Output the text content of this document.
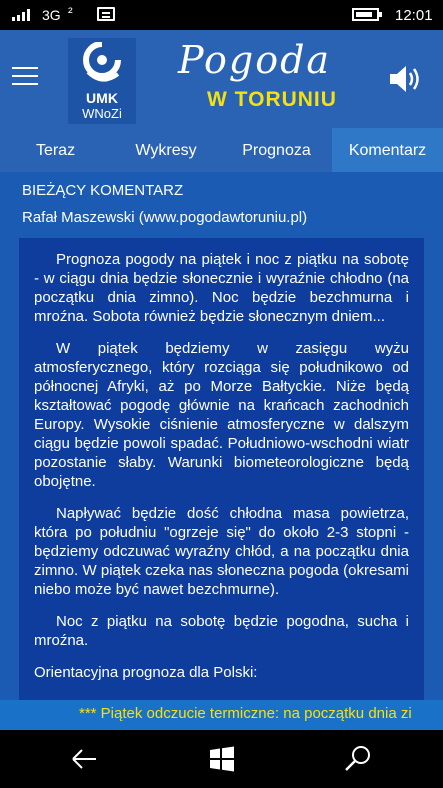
3G ²	12:01
UMK
WNoZi
Pogoda
W TORUNIU
Teraz	Wykresy	Prognoza	Komentarz
BIEŻĄCY KOMENTARZ
Rafał Maszewski (www.pogodawtoruniu.pl)

Prognoza pogody na piątek i noc z piątku na sobotę - w ciągu dnia będzie słonecznie i wyraźnie chłodno (na początku dnia zimno). Noc będzie bezchmurna i mroźna. Sobota również będzie słonecznym dniem...

W piątek będziemy w zasięgu wyżu atmosferycznego, który rozciąga się południkowo od północnej Afryki, aż po Morze Bałtyckie. Niże będą kształtować pogodę głównie na krańcach zachodnich Europy. Wysokie ciśnienie atmosferyczne w dalszym ciągu będzie powoli spadać. Południowo-wschodni wiatr pozostanie słaby. Warunki biometeorologiczne będą obojętne.

Napływać będzie dość chłodna masa powietrza, która po południu "ogrzeje się" do około 2-3 stopni - będziemy odczuwać wyraźny chłód, a na początku dnia zimno. W piątek czeka nas słoneczna pogoda (okresami niebo może być nawet bezchmurne).

Noc z piątku na sobotę będzie pogodna, sucha i mroźna.

Orientacyjna prognoza dla Polski:

*** Piątek odczucie termiczne: na początku dnia zi
